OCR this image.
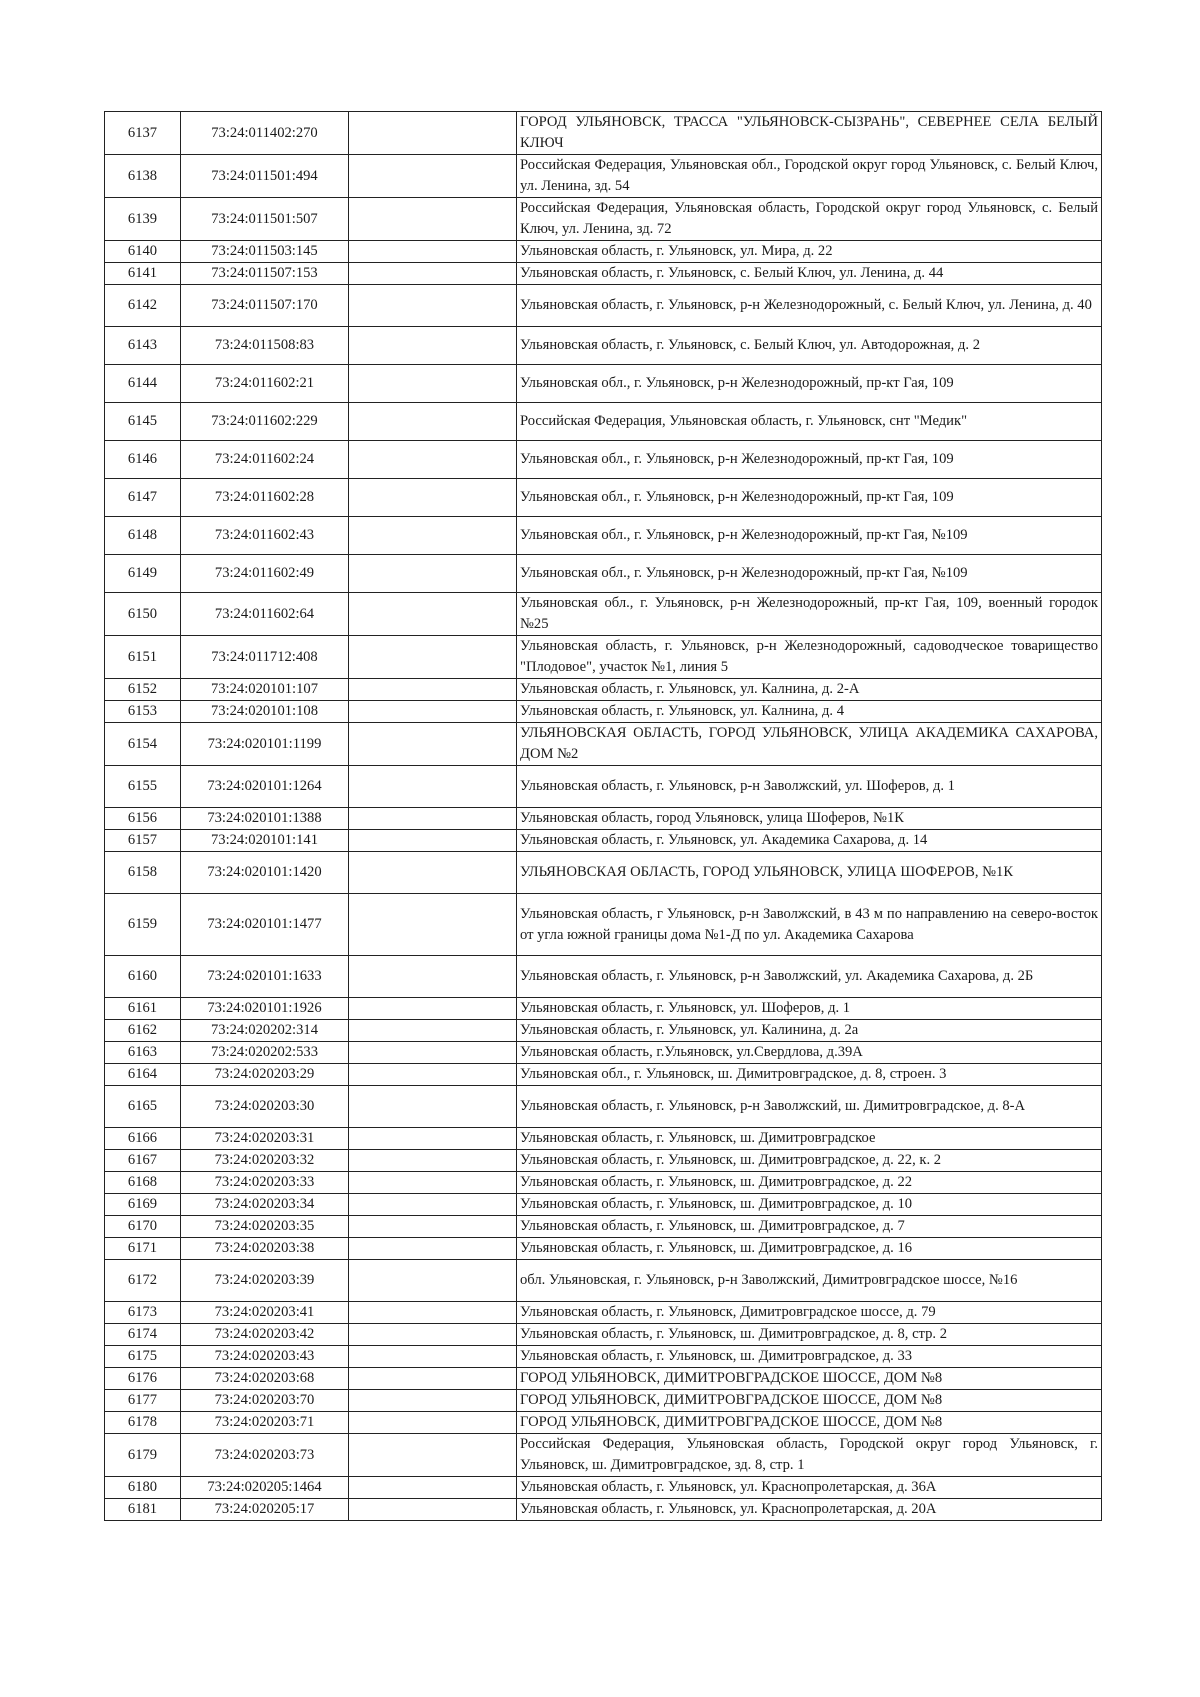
6137	73:24:011402:270		ГОРОД УЛЬЯНОВСК, ТРАССА "УЛЬЯНОВСК-СЫЗРАНЬ", СЕВЕРНЕЕ СЕЛА БЕЛЫЙ КЛЮЧ
6138	73:24:011501:494		Российская Федерация, Ульяновская обл., Городской округ город Ульяновск, с. Белый Ключ, ул. Ленина, зд. 54
6139	73:24:011501:507		Российская Федерация, Ульяновская область, Городской округ город Ульяновск, с. Белый Ключ, ул. Ленина, зд. 72
6140	73:24:011503:145		Ульяновская область, г. Ульяновск, ул. Мира, д. 22
6141	73:24:011507:153		Ульяновская область, г. Ульяновск, с. Белый Ключ, ул. Ленина, д. 44
6142	73:24:011507:170		Ульяновская область, г. Ульяновск, р-н Железнодорожный, с. Белый Ключ, ул. Ленина, д. 40
6143	73:24:011508:83		Ульяновская область, г. Ульяновск, с. Белый Ключ, ул. Автодорожная, д. 2
6144	73:24:011602:21		Ульяновская обл., г. Ульяновск, р-н Железнодорожный, пр-кт Гая, 109
6145	73:24:011602:229		Российская Федерация, Ульяновская область, г. Ульяновск, снт "Медик"
6146	73:24:011602:24		Ульяновская обл., г. Ульяновск, р-н Железнодорожный, пр-кт Гая, 109
6147	73:24:011602:28		Ульяновская обл., г. Ульяновск, р-н Железнодорожный, пр-кт Гая, 109
6148	73:24:011602:43		Ульяновская обл., г. Ульяновск, р-н Железнодорожный, пр-кт Гая, №109
6149	73:24:011602:49		Ульяновская обл., г. Ульяновск, р-н Железнодорожный, пр-кт Гая, №109
6150	73:24:011602:64		Ульяновская обл., г. Ульяновск, р-н Железнодорожный, пр-кт Гая, 109, военный городок №25
6151	73:24:011712:408		Ульяновская область, г. Ульяновск, р-н Железнодорожный, садоводческое товарищество "Плодовое", участок №1, линия 5
6152	73:24:020101:107		Ульяновская область, г. Ульяновск, ул. Калнина, д. 2-А
6153	73:24:020101:108		Ульяновская область, г. Ульяновск, ул. Калнина, д. 4
6154	73:24:020101:1199		УЛЬЯНОВСКАЯ ОБЛАСТЬ, ГОРОД УЛЬЯНОВСК, УЛИЦА АКАДЕМИКА САХАРОВА, ДОМ №2
6155	73:24:020101:1264		Ульяновская область, г. Ульяновск, р-н Заволжский, ул. Шоферов, д. 1
6156	73:24:020101:1388		Ульяновская область, город Ульяновск, улица Шоферов, №1К
6157	73:24:020101:141		Ульяновская область, г. Ульяновск, ул. Академика Сахарова, д. 14
6158	73:24:020101:1420		УЛЬЯНОВСКАЯ ОБЛАСТЬ, ГОРОД УЛЬЯНОВСК, УЛИЦА ШОФЕРОВ, №1К
6159	73:24:020101:1477		Ульяновская область, г Ульяновск, р-н Заволжский, в 43 м по направлению на северо-восток от угла южной границы дома №1-Д по ул. Академика Сахарова
6160	73:24:020101:1633		Ульяновская область, г. Ульяновск, р-н Заволжский, ул. Академика Сахарова, д. 2Б
6161	73:24:020101:1926		Ульяновская область, г. Ульяновск, ул. Шоферов, д. 1
6162	73:24:020202:314		Ульяновская область, г. Ульяновск, ул. Калинина, д. 2а
6163	73:24:020202:533		Ульяновская область, г.Ульяновск, ул.Свердлова, д.39А
6164	73:24:020203:29		Ульяновская обл., г. Ульяновск, ш. Димитровградское, д. 8, строен. 3
6165	73:24:020203:30		Ульяновская область, г. Ульяновск, р-н Заволжский, ш. Димитровградское, д. 8-А
6166	73:24:020203:31		Ульяновская область, г. Ульяновск, ш. Димитровградское
6167	73:24:020203:32		Ульяновская область, г. Ульяновск, ш. Димитровградское, д. 22, к. 2
6168	73:24:020203:33		Ульяновская область, г. Ульяновск, ш. Димитровградское, д. 22
6169	73:24:020203:34		Ульяновская область, г. Ульяновск, ш. Димитровградское, д. 10
6170	73:24:020203:35		Ульяновская область, г. Ульяновск, ш. Димитровградское, д. 7
6171	73:24:020203:38		Ульяновская область, г. Ульяновск, ш. Димитровградское, д. 16
6172	73:24:020203:39		обл. Ульяновская, г. Ульяновск, р-н Заволжский, Димитровградское шоссе, №16
6173	73:24:020203:41		Ульяновская область, г. Ульяновск, Димитровградское шоссе, д. 79
6174	73:24:020203:42		Ульяновская область, г. Ульяновск, ш. Димитровградское, д. 8, стр. 2
6175	73:24:020203:43		Ульяновская область, г. Ульяновск, ш. Димитровградское, д. 33
6176	73:24:020203:68		ГОРОД УЛЬЯНОВСК, ДИМИТРОВГРАДСКОЕ ШОССЕ, ДОМ №8
6177	73:24:020203:70		ГОРОД УЛЬЯНОВСК, ДИМИТРОВГРАДСКОЕ ШОССЕ, ДОМ №8
6178	73:24:020203:71		ГОРОД УЛЬЯНОВСК, ДИМИТРОВГРАДСКОЕ ШОССЕ, ДОМ №8
6179	73:24:020203:73		Российская Федерация, Ульяновская область, Городской округ город Ульяновск, г. Ульяновск, ш. Димитровградское, зд. 8, стр. 1
6180	73:24:020205:1464		Ульяновская область, г. Ульяновск, ул. Краснопролетарская, д. 36А
6181	73:24:020205:17		Ульяновская область, г. Ульяновск, ул. Краснопролетарская, д. 20А
